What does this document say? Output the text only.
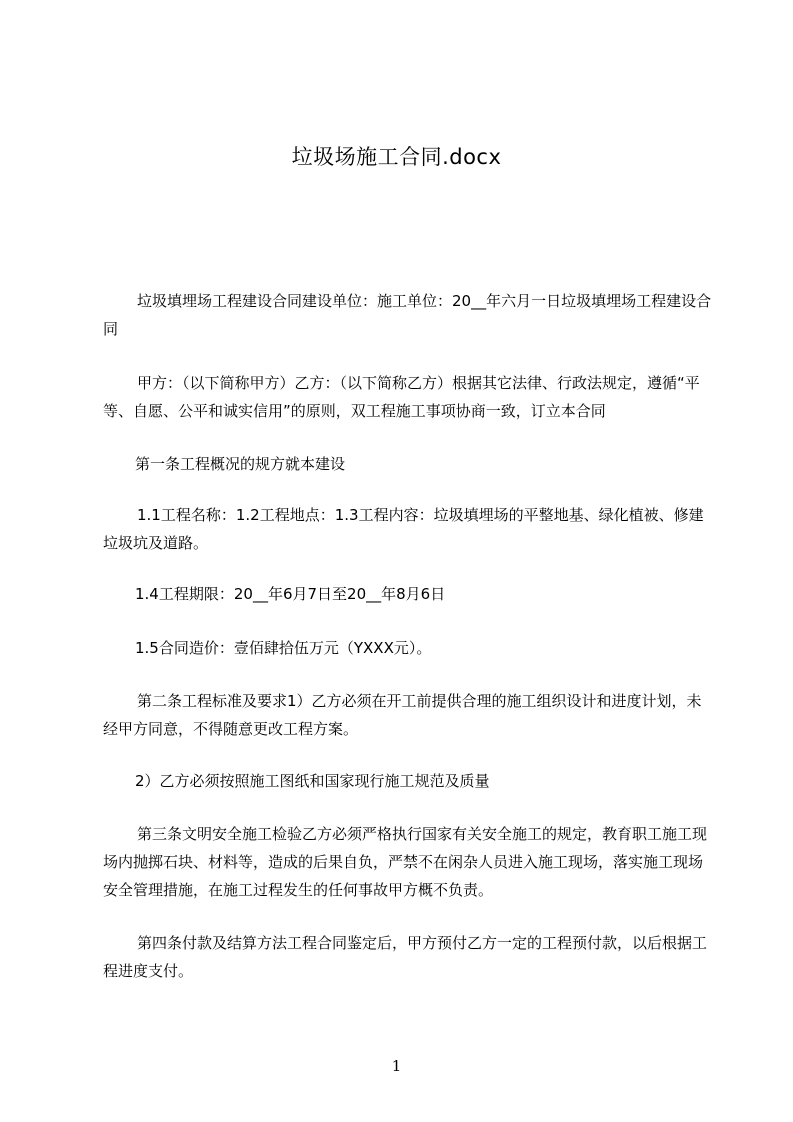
垃圾场施工合同.docx

垃圾填埋场工程建设合同建设单位：施工单位：20__年六月一日垃圾填埋场工程建设合同

甲方：（以下简称甲方）乙方：（以下简称乙方）根据其它法律、行政法规定，遵循“平等、自愿、公平和诚实信用”的原则，双工程施工事项协商一致，订立本合同

第一条工程概况的规方就本建设

1.1工程名称：1.2工程地点：1.3工程内容：垃圾填埋场的平整地基、绿化植被、修建垃圾坑及道路。

1.4工程期限：20__年6月7日至20__年8月6日

1.5合同造价：壹佰肆拾伍万元（YXXX元）。

第二条工程标准及要求1）乙方必须在开工前提供合理的施工组织设计和进度计划，未经甲方同意，不得随意更改工程方案。

2）乙方必须按照施工图纸和国家现行施工规范及质量

第三条文明安全施工检验乙方必须严格执行国家有关安全施工的规定，教育职工施工现场内抛掷石块、材料等，造成的后果自负，严禁不在闲杂人员进入施工现场，落实施工现场安全管理措施，在施工过程发生的任何事故甲方概不负责。

第四条付款及结算方法工程合同鉴定后，甲方预付乙方一定的工程预付款，以后根据工程进度支付。

1
